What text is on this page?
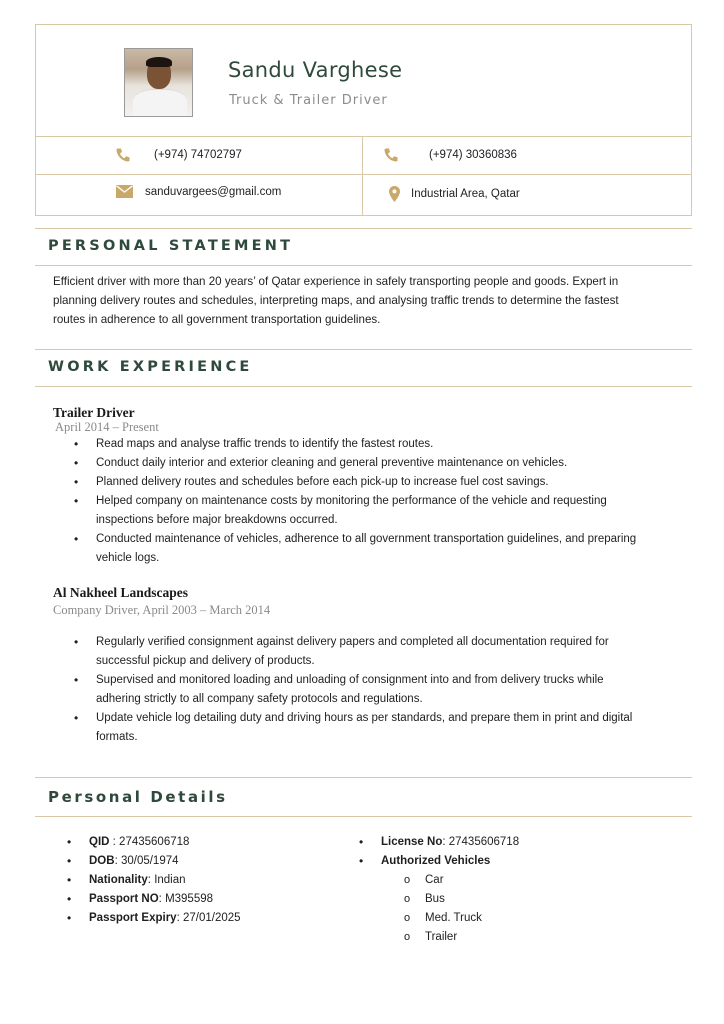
Sandu Varghese
Truck & Trailer Driver
(+974) 74702797	(+974) 30360836
sanduvargees@gmail.com	Industrial Area, Qatar
PERSONAL STATEMENT
Efficient driver with more than 20 years’ of Qatar experience in safely transporting people and goods. Expert in
planning delivery routes and schedules, interpreting maps, and analysing traffic trends to determine the fastest
routes in adherence to all government transportation guidelines.
WORK EXPERIENCE
Trailer Driver
April 2014 – Present
• Read maps and analyse traffic trends to identify the fastest routes.
• Conduct daily interior and exterior cleaning and general preventive maintenance on vehicles.
• Planned delivery routes and schedules before each pick-up to increase fuel cost savings.
• Helped company on maintenance costs by monitoring the performance of the vehicle and requesting
inspections before major breakdowns occurred.
• Conducted maintenance of vehicles, adherence to all government transportation guidelines, and preparing
vehicle logs.
Al Nakheel Landscapes
Company Driver, April 2003 – March 2014
• Regularly verified consignment against delivery papers and completed all documentation required for
successful pickup and delivery of products.
• Supervised and monitored loading and unloading of consignment into and from delivery trucks while
adhering strictly to all company safety protocols and regulations.
• Update vehicle log detailing duty and driving hours as per standards, and prepare them in print and digital
formats.
Personal Details
• QID : 27435606718
• DOB: 30/05/1974
• Nationality: Indian
• Passport NO: M395598
• Passport Expiry: 27/01/2025
• License No: 27435606718
• Authorized Vehicles
o Car
o Bus
o Med. Truck
o Trailer
